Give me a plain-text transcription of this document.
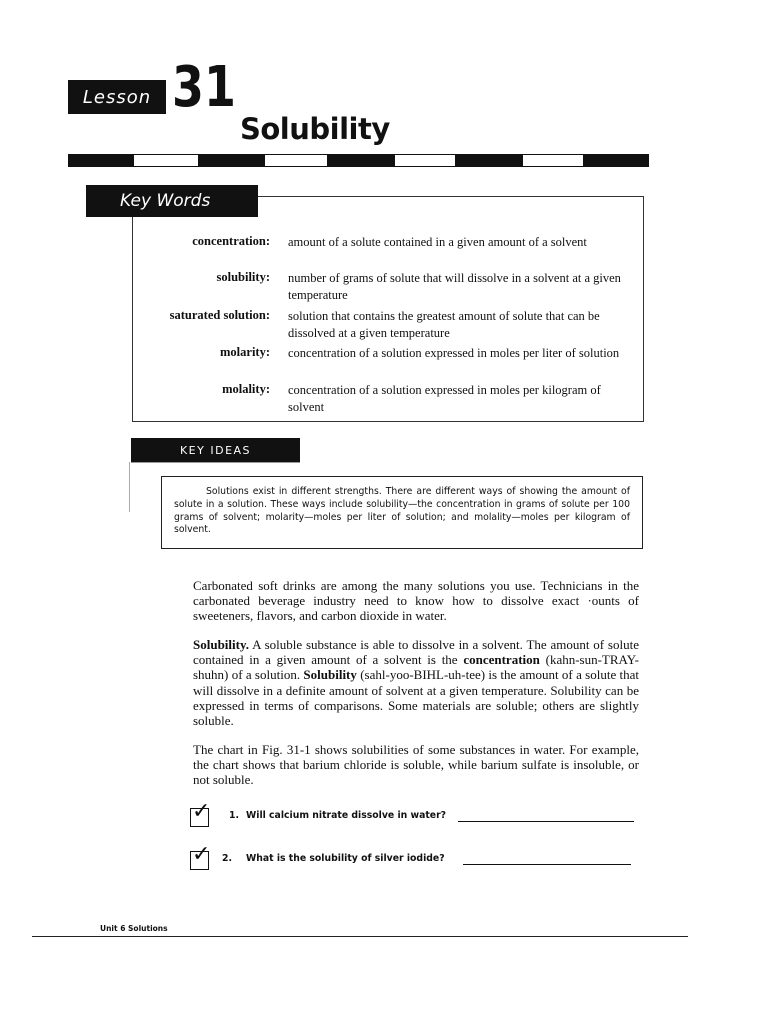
Lesson 31
Solubility
Key Words
concentration: amount of a solute contained in a given amount of a solvent
solubility: number of grams of solute that will dissolve in a solvent at a given temperature
saturated solution: solution that contains the greatest amount of solute that can be dissolved at a given temperature
molarity: concentration of a solution expressed in moles per liter of solution
molality: concentration of a solution expressed in moles per kilogram of solvent
KEY IDEAS
Solutions exist in different strengths. There are different ways of showing the amount of solute in a solution. These ways include solubility—the concentration in grams of solute per 100 grams of solvent; molarity—moles per liter of solution; and molality—moles per kilogram of solvent.

Carbonated soft drinks are among the many solutions you use. Technicians in the carbonated beverage industry need to know how to dissolve exact ·ounts of sweeteners, flavors, and carbon dioxide in water.

Solubility. A soluble substance is able to dissolve in a solvent. The amount of solute contained in a given amount of a solvent is the concentration (kahn-sun-TRAY-shuhn) of a solution. Solubility (sahl-yoo-BIHL-uh-tee) is the amount of a solute that will dissolve in a definite amount of solvent at a given temperature. Solubility can be expressed in terms of comparisons. Some materials are soluble; others are slightly soluble.

The chart in Fig. 31-1 shows solubilities of some substances in water. For example, the chart shows that barium chloride is soluble, while barium sulfate is insoluble, or not soluble.

✓ 1. Will calcium nitrate dissolve in water?
✓ 2. What is the solubility of silver iodide?
Unit 6 Solutions
